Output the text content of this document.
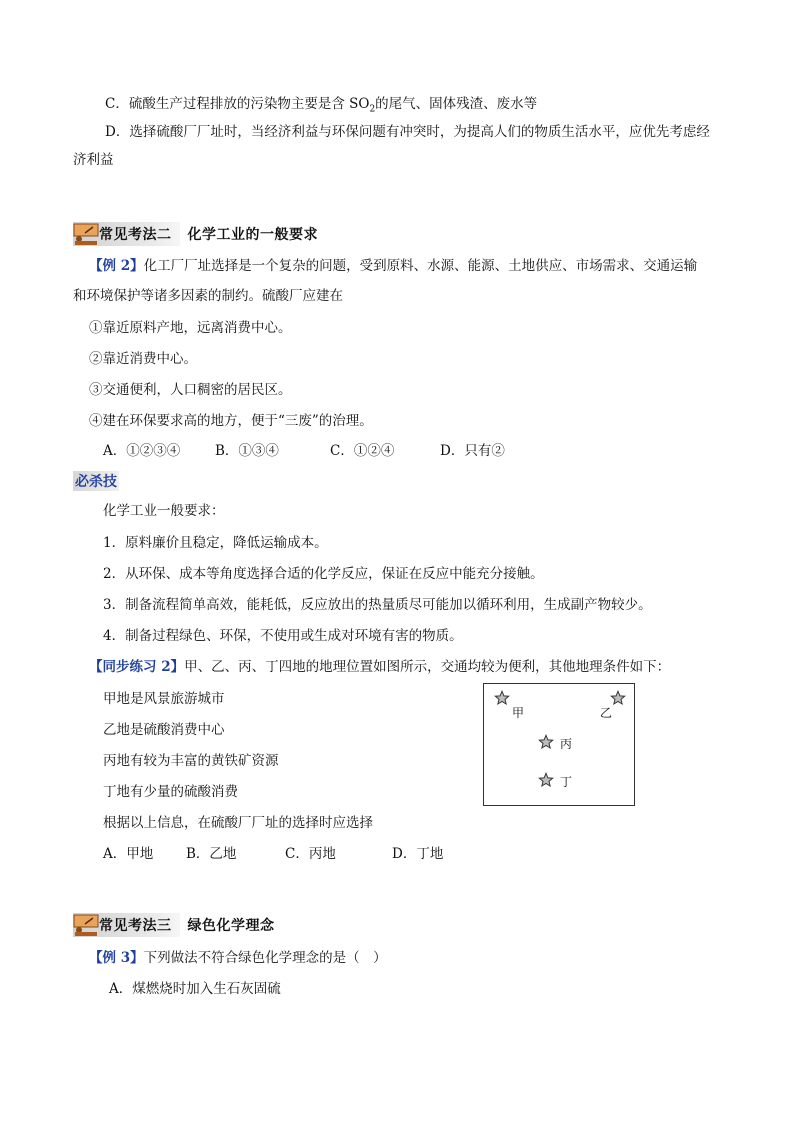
C．硫酸生产过程排放的污染物主要是含 $SO_2$的尾气、固体残渣、废水等
D．选择硫酸厂厂址时，当经济利益与环保问题有冲突时，为提高人们的物质生活水平，应优先考虑经
济利益
常见考法二 化学工业的一般要求
【例 2】化工厂厂址选择是一个复杂的问题，受到原料、水源、能源、土地供应、市场需求、交通运输
和环境保护等诸多因素的制约。硫酸厂应建在
①靠近原料产地，远离消费中心。
②靠近消费中心。
③交通便利，人口稠密的居民区。
④建在环保要求高的地方，便于“三废”的治理。
A．①②③④	B．①③④	C．①②④	D．只有②
必杀技
化学工业一般要求：
1．原料廉价且稳定，降低运输成本。
2．从环保、成本等角度选择合适的化学反应，保证在反应中能充分接触。
3．制备流程简单高效，能耗低，反应放出的热量质尽可能加以循环利用，生成副产物较少。
4．制备过程绿色、环保，不使用或生成对环境有害的物质。
【同步练习 2】甲、乙、丙、丁四地的地理位置如图所示，交通均较为便利，其他地理条件如下：
甲地是风景旅游城市
乙地是硫酸消费中心
丙地有较为丰富的黄铁矿资源
丁地有少量的硫酸消费
根据以上信息，在硫酸厂厂址的选择时应选择
A．甲地 B．乙地	C．丙地	D．丁地
甲	乙
丙
丁
常见考法三 绿色化学理念
【例 3】下列做法不符合绿色化学理念的是（　）
A．煤燃烧时加入生石灰固硫
